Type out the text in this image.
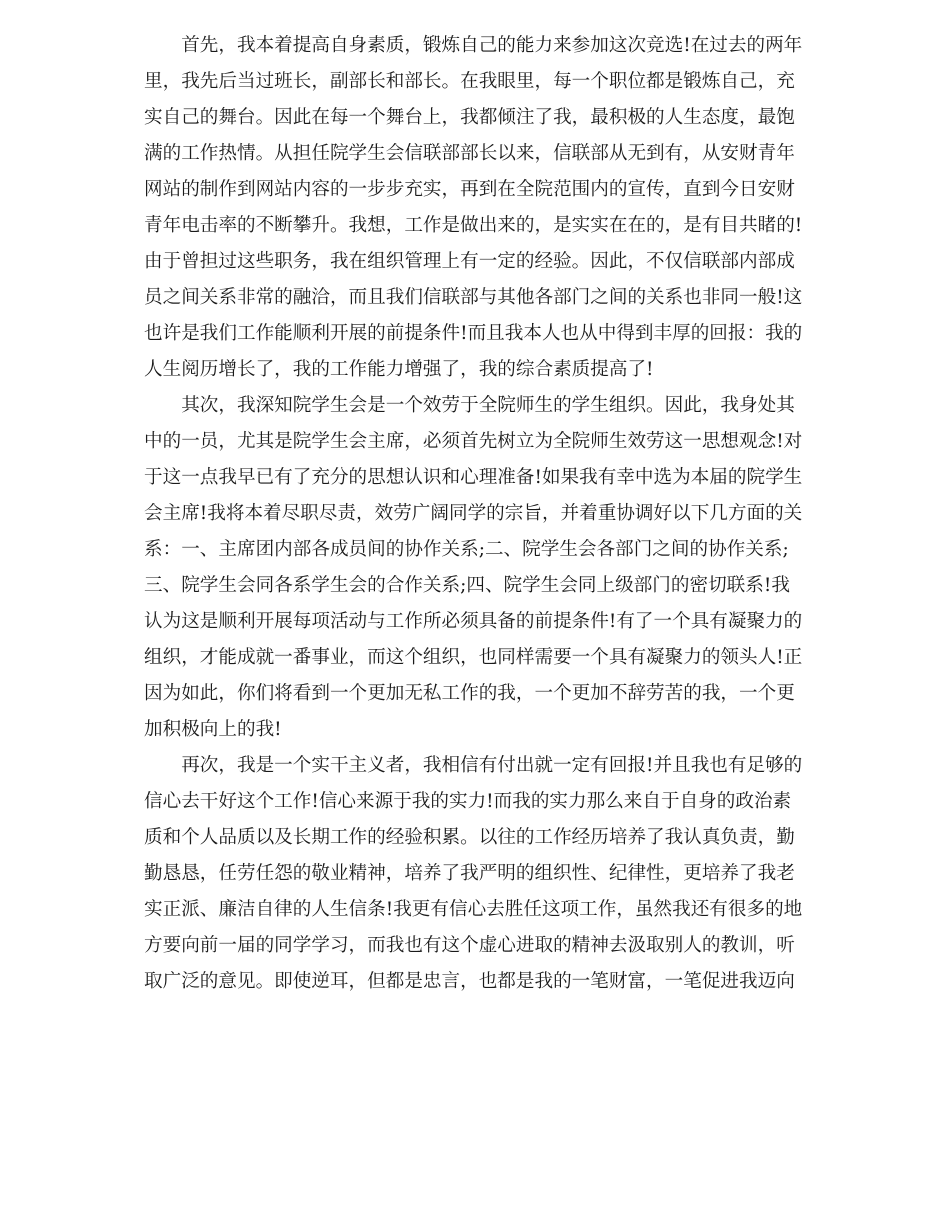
　　首先，我本着提高自身素质，锻炼自己的能力来参加这次竞选!在过去的两年
里，我先后当过班长，副部长和部长。在我眼里，每一个职位都是锻炼自己，充
实自己的舞台。因此在每一个舞台上，我都倾注了我，最积极的人生态度，最饱
满的工作热情。从担任院学生会信联部部长以来，信联部从无到有，从安财青年
网站的制作到网站内容的一步步充实，再到在全院范围内的宣传，直到今日安财
青年电击率的不断攀升。我想，工作是做出来的，是实实在在的，是有目共睹的!
由于曾担过这些职务，我在组织管理上有一定的经验。因此，不仅信联部内部成
员之间关系非常的融洽，而且我们信联部与其他各部门之间的关系也非同一般!这
也许是我们工作能顺利开展的前提条件!而且我本人也从中得到丰厚的回报：我的
人生阅历增长了，我的工作能力增强了，我的综合素质提高了!
　　其次，我深知院学生会是一个效劳于全院师生的学生组织。因此，我身处其
中的一员，尤其是院学生会主席，必须首先树立为全院师生效劳这一思想观念!对
于这一点我早已有了充分的思想认识和心理准备!如果我有幸中选为本届的院学生
会主席!我将本着尽职尽责，效劳广阔同学的宗旨，并着重协调好以下几方面的关
系：一、主席团内部各成员间的协作关系;二、院学生会各部门之间的协作关系;
三、院学生会同各系学生会的合作关系;四、院学生会同上级部门的密切联系!我
认为这是顺利开展每项活动与工作所必须具备的前提条件!有了一个具有凝聚力的
组织，才能成就一番事业，而这个组织，也同样需要一个具有凝聚力的领头人!正
因为如此，你们将看到一个更加无私工作的我，一个更加不辞劳苦的我，一个更
加积极向上的我!
　　再次，我是一个实干主义者，我相信有付出就一定有回报!并且我也有足够的
信心去干好这个工作!信心来源于我的实力!而我的实力那么来自于自身的政治素
质和个人品质以及长期工作的经验积累。以往的工作经历培养了我认真负责，勤
勤恳恳，任劳任怨的敬业精神，培养了我严明的组织性、纪律性，更培养了我老
实正派、廉洁自律的人生信条!我更有信心去胜任这项工作，虽然我还有很多的地
方要向前一届的同学学习，而我也有这个虚心进取的精神去汲取别人的教训，听
取广泛的意见。即使逆耳，但都是忠言，也都是我的一笔财富，一笔促进我迈向
